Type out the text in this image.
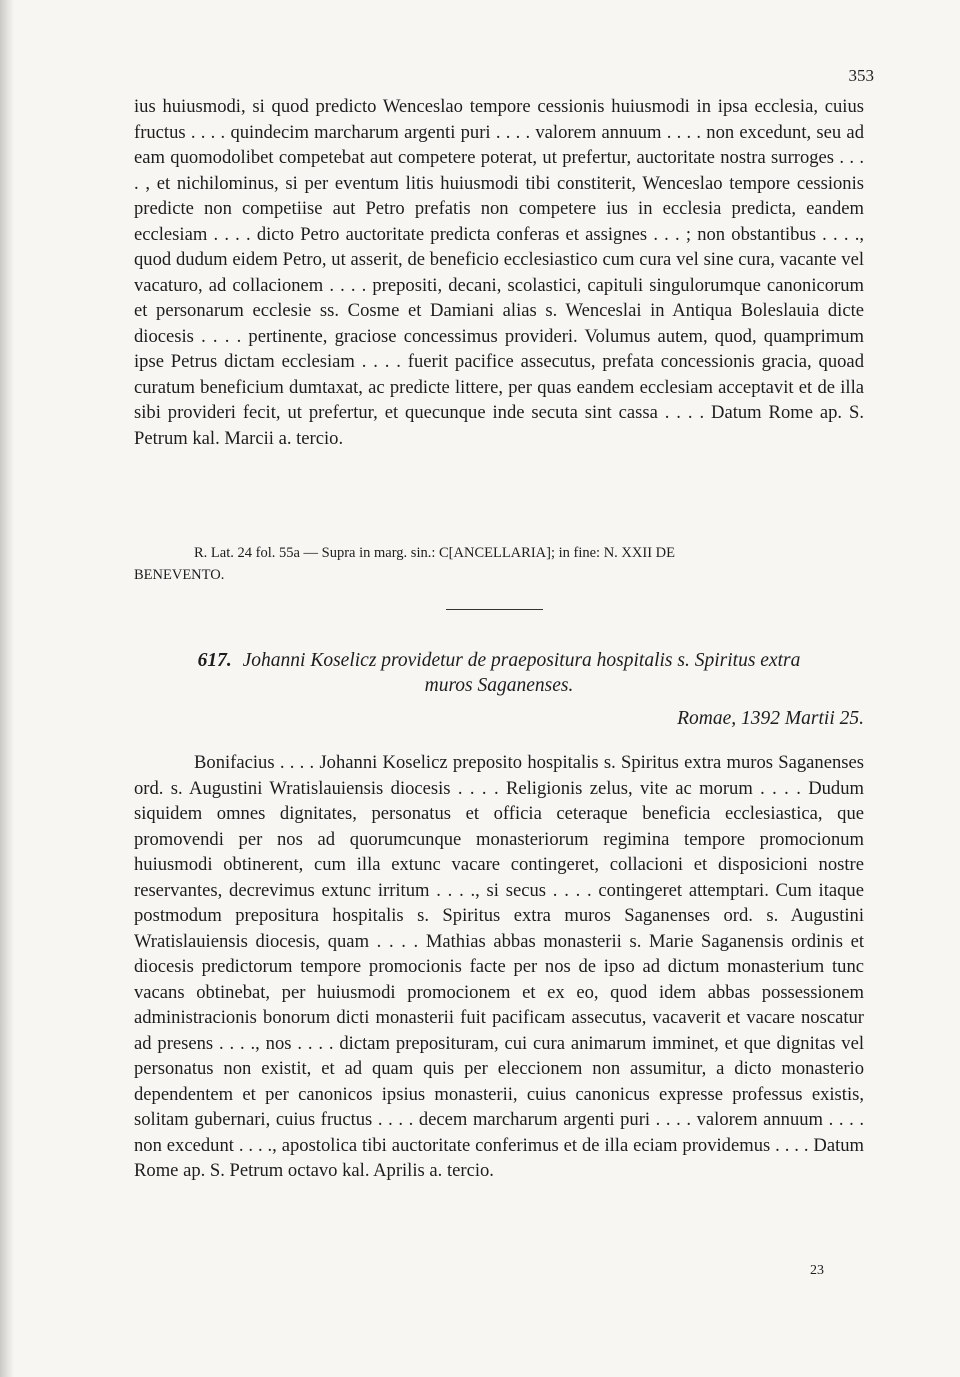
353

ius huiusmodi, si quod predicto Wenceslao tempore cessionis huiusmodi in ipsa ecclesia, cuius fructus . . . . quindecim marcharum argenti puri . . . . valorem annuum . . . . non excedunt, seu ad eam quomodolibet competebat aut competere poterat, ut prefertur, auctoritate nostra surroges . . . . , et nichilominus, si per eventum litis huiusmodi tibi constiterit, Wenceslao tempore cessionis predicte non competiise aut Petro prefatis non competere ius in ecclesia predicta, eandem ecclesiam . . . . dicto Petro auctoritate predicta conferas et assignes . . . ; non obstantibus . . . ., quod dudum eidem Petro, ut asserit, de beneficio ecclesiastico cum cura vel sine cura, vacante vel vacaturo, ad collacionem . . . . prepositi, decani, scolastici, capituli singulorumque canonicorum et personarum ecclesie ss. Cosme et Damiani alias s. Wenceslai in Antiqua Boleslauia dicte diocesis . . . . pertinente, graciose concessimus provideri. Volumus autem, quod, quamprimum ipse Petrus dictam ecclesiam . . . . fuerit pacifice assecutus, prefata concessionis gracia, quoad curatum beneficium dumtaxat, ac predicte littere, per quas eandem ecclesiam acceptavit et de illa sibi provideri fecit, ut prefertur, et quecunque inde secuta sint cassa . . . . Datum Rome ap. S. Petrum kal. Marcii a. tercio.

R. Lat. 24 fol. 55a — Supra in marg. sin.: C[ANCELLARIA]; in fine: N. XXII DE
BENEVENTO.
617. Johanni Koselicz providetur de praepositura hospitalis s. Spiritus extra
muros Saganenses.
Romae, 1392 Martii 25.

Bonifacius . . . . Johanni Koselicz preposito hospitalis s. Spiritus extra muros Saganenses ord. s. Augustini Wratislauiensis diocesis . . . . Religionis zelus, vite ac morum . . . . Dudum siquidem omnes dignitates, personatus et officia ceteraque beneficia ecclesiastica, que promovendi per nos ad quorumcunque monasteriorum regimina tempore promocionum huiusmodi obtinerent, cum illa extunc vacare contingeret, collacioni et disposicioni nostre reservantes, decrevimus extunc irritum . . . ., si secus . . . . contingeret attemptari. Cum itaque postmodum prepositura hospitalis s. Spiritus extra muros Saganenses ord. s. Augustini Wratislauiensis diocesis, quam . . . . Mathias abbas monasterii s. Marie Saganensis ordinis et diocesis predictorum tempore promocionis facte per nos de ipso ad dictum monasterium tunc vacans obtinebat, per huiusmodi promocionem et ex eo, quod idem abbas possessionem administracionis bonorum dicti monasterii fuit pacificam assecutus, vacaverit et vacare noscatur ad presens . . . ., nos . . . . dictam preposituram, cui cura animarum imminet, et que dignitas vel personatus non existit, et ad quam quis per eleccionem non assumitur, a dicto monasterio dependentem et per canonicos ipsius monasterii, cuius canonicus expresse professus existis, solitam gubernari, cuius fructus . . . . decem marcharum argenti puri . . . . valorem annuum . . . . non excedunt . . . ., apostolica tibi auctoritate conferimus et de illa eciam providemus . . . . Datum Rome ap. S. Petrum octavo kal. Aprilis a. tercio.

23
